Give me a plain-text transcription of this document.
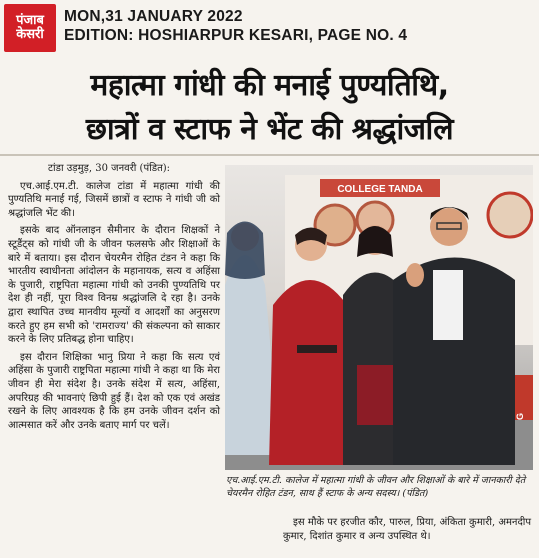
पंजाब
केसरी
MON,31 JANUARY 2022
EDITION: HOSHIARPUR KESARI, PAGE NO. 4
महात्मा गांधी की मनाई पुण्यतिथि,
छात्रों व स्टाफ ने भेंट की श्रद्धांजलि

टांडा उड़मुड़, 30 जनवरी (पंडित):

एच.आई.एम.टी. कालेज टांडा में महात्मा गांधी की पुण्यतिथि मनाई गई, जिसमें छात्रों व स्टाफ ने गांधी जी को श्रद्धांजलि भेंट की।

इसके बाद ऑनलाइन सैमीनार के दौरान शिक्षकों ने स्टूडैंट्स को गांधी जी के जीवन फलसफे और शिक्षाओं के बारे में बताया। इस दौरान चेयरमैन रोहित टंडन ने कहा कि भारतीय स्वाधीनता आंदोलन के महानायक, सत्य व अहिंसा के पुजारी, राष्ट्रपिता महात्मा गांधी को उनकी पुण्यतिथि पर देश ही नहीं, पूरा विश्व विनम्र श्रद्धांजलि दे रहा है। उनके द्वारा स्थापित उच्च मानवीय मूल्यों व आदर्शों का अनुसरण करते हुए हम सभी को 'रामराज्य' की संकल्पना को साकार करने के लिए प्रतिबद्ध होना चाहिए।

इस दौरान शिक्षिका भानु प्रिया ने कहा कि सत्य एवं अहिंसा के पुजारी राष्ट्रपिता महात्मा गांधी ने कहा था कि मेरा जीवन ही मेरा संदेश है। उनके संदेश में सत्य, अहिंसा, अपरिग्रह की भावनाएं छिपी हुई हैं। देश को एक एवं अखंड रखने के लिए आवश्यक है कि हम उनके जीवन दर्शन को आत्मसात करें और उनके बताए मार्ग पर चलें।

COLLEGE TANDA
एच.आई.एम.टी. कालेज में महात्मा गांधी के जीवन और शिक्षाओं के बारे में जानकारी देते चेयरमैन रोहित टंडन, साथ हैं स्टाफ के अन्य सदस्य। (पंडित)

इस मौके पर हरजीत कौर, पारुल, प्रिया, अंकिता कुमारी, अमनदीप कुमार, दिशांत कुमार व अन्य उपस्थित थे।
